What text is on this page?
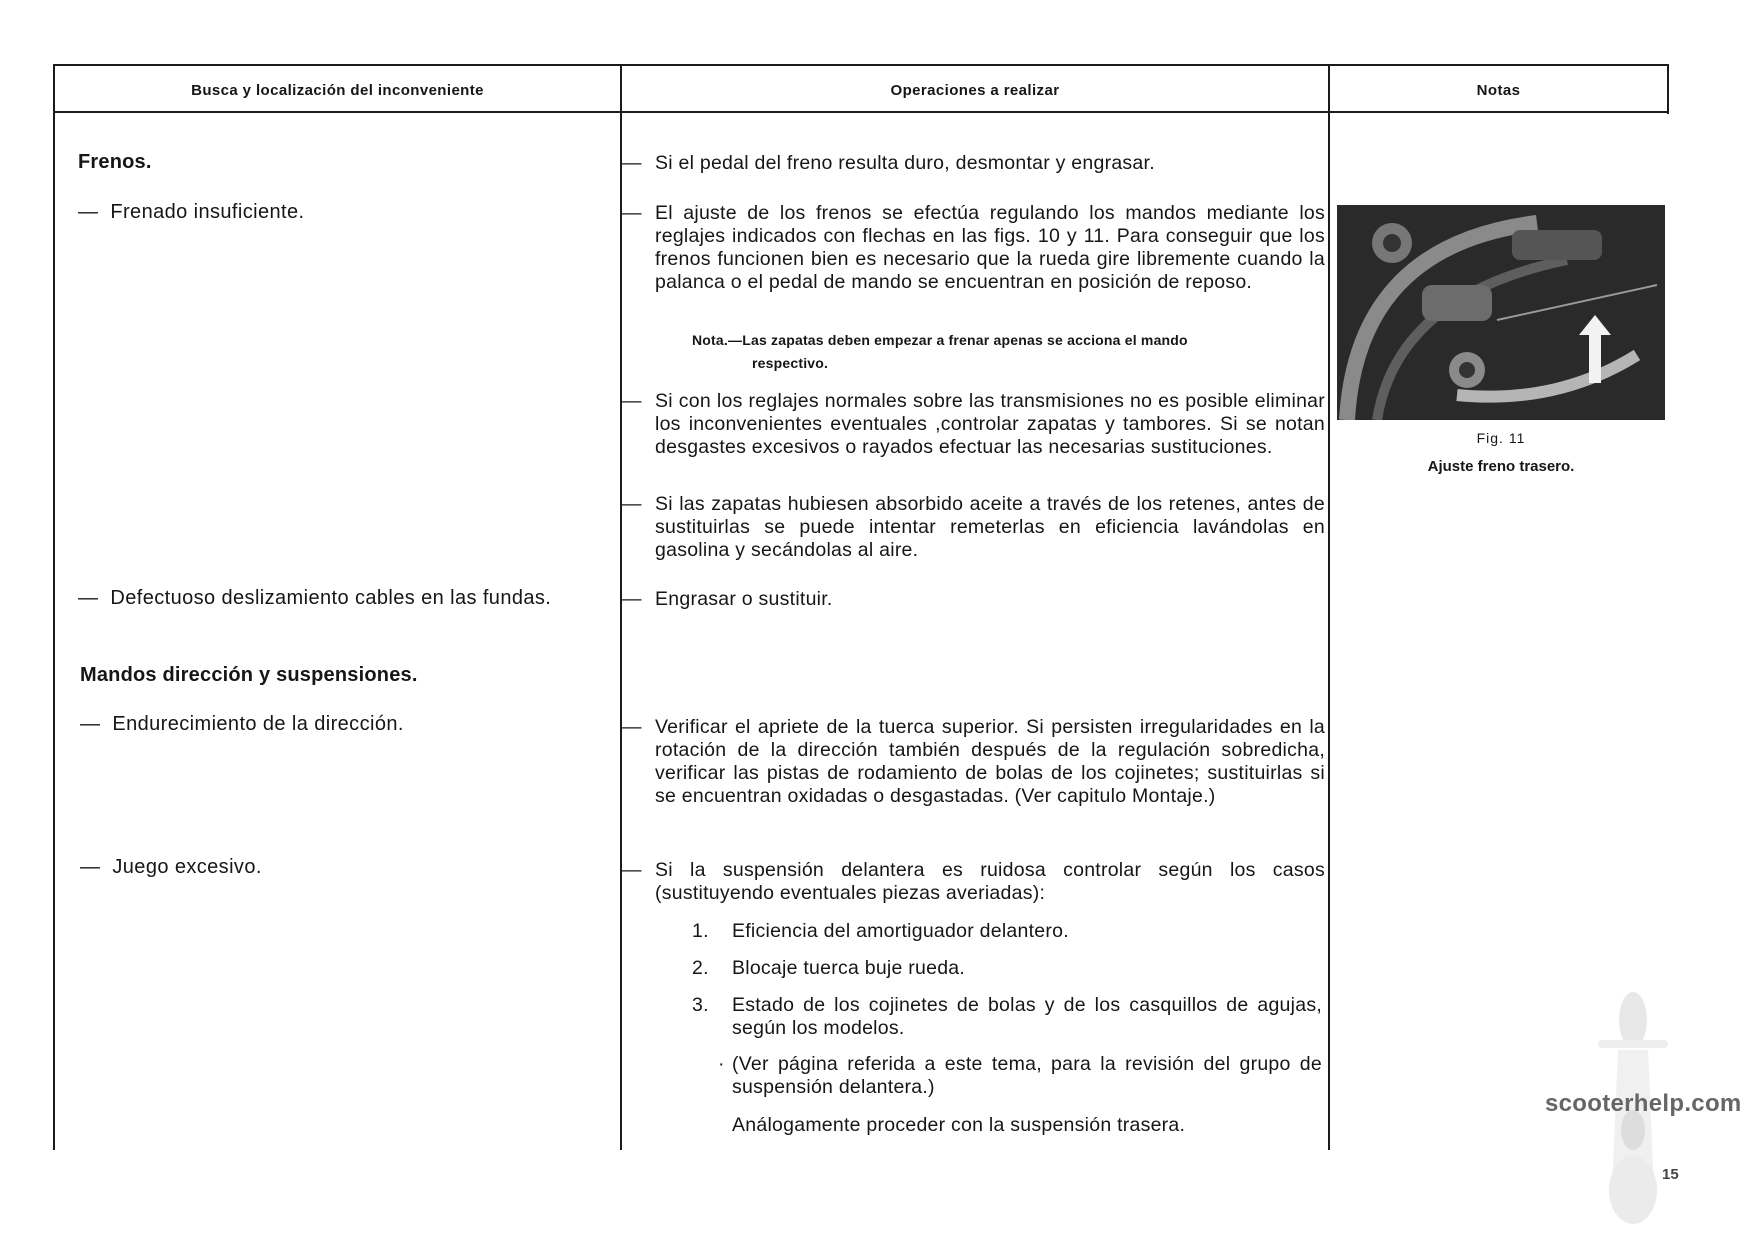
Busca y localización del inconveniente	Operaciones a realizar	Notas
Frenos.
— Frenado insuficiente.
— Defectuoso deslizamiento cables en las fundas.
Mandos dirección y suspensiones.
— Endurecimiento de la dirección.
— Juego excesivo.
— Si el pedal del freno resulta duro, desmontar y engrasar.

— El ajuste de los frenos se efectúa regulando los mandos mediante los reglajes indicados con flechas en las figs. 10 y 11. Para conseguir que los frenos funcionen bien es necesario que la rueda gire libremente cuando la palanca o el pedal de mando se encuentran en posición de reposo.

Nota.—Las zapatas deben empezar a frenar apenas se acciona el mando
respectivo.
— Si con los reglajes normales sobre las transmisiones no es posible eliminar los inconvenientes eventuales ,controlar zapatas y tambores. Si se notan desgastes excesivos o rayados efectuar las necesarias sustituciones.

— Si las zapatas hubiesen absorbido aceite a través de los retenes, antes de sustituirlas se puede intentar remeterlas en eficiencia lavándolas en gasolina y secándolas al aire.

— Engrasar o sustituir.

— Verificar el apriete de la tuerca superior. Si persisten irregularidades en la rotación de la dirección también después de la regulación sobredicha, verificar las pistas de rodamiento de bolas de los cojinetes; sustituirlas si se encuentran oxidadas o desgastadas. (Ver capitulo Montaje.)

— Si la suspensión delantera es ruidosa controlar según los casos (sustituyendo eventuales piezas averiadas):

1. Eficiencia del amortiguador delantero.
2. Blocaje tuerca buje rueda.
3. Estado de los cojinetes de bolas y de los casquillos de agujas, según los modelos.
· (Ver página referida a este tema, para la revisión del grupo de suspensión delantera.)
Análogamente proceder con la suspensión trasera.
Fig. 11
Ajuste freno trasero.
scooterhelp.com
15
